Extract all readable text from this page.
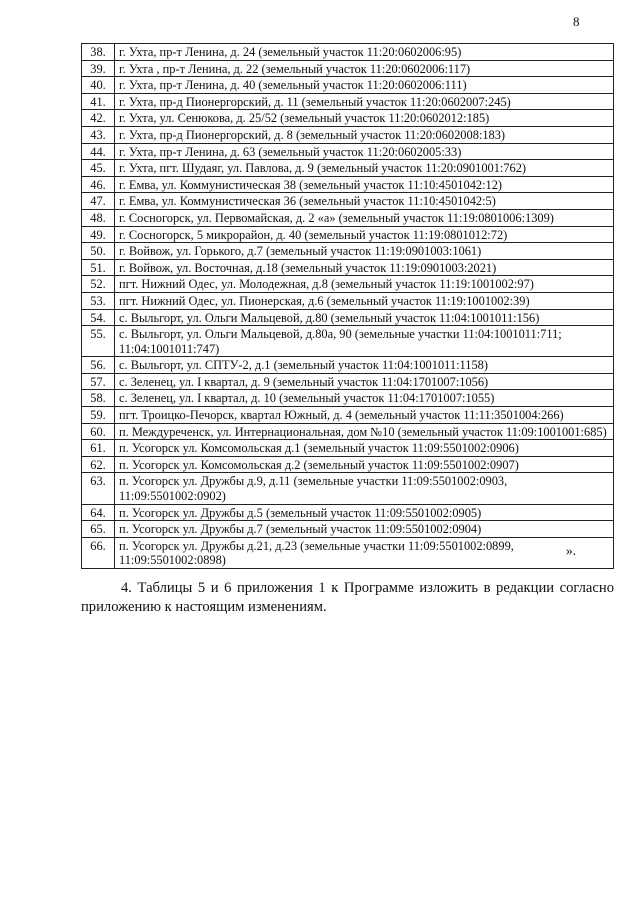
8
38.	г. Ухта, пр-т Ленина, д. 24 (земельный участок 11:20:0602006:95)
39.	г. Ухта , пр-т Ленина, д. 22 (земельный участок 11:20:0602006:117)
40.	г. Ухта, пр-т Ленина, д. 40 (земельный участок 11:20:0602006:111)
41.	г. Ухта, пр-д Пионергорский, д. 11 (земельный участок 11:20:0602007:245)
42.	г. Ухта, ул. Сенюкова, д. 25/52 (земельный участок 11:20:0602012:185)
43.	г. Ухта, пр-д Пионергорский, д. 8 (земельный участок 11:20:0602008:183)
44.	г. Ухта, пр-т Ленина, д. 63 (земельный участок 11:20:0602005:33)
45.	г. Ухта, пгт. Шудаяг, ул. Павлова, д. 9 (земельный участок 11:20:0901001:762)
46.	г. Емва, ул. Коммунистическая 38 (земельный участок 11:10:4501042:12)
47.	г. Емва, ул. Коммунистическая 36 (земельный участок 11:10:4501042:5)
48.	г. Сосногорск, ул. Первомайская, д. 2 «а» (земельный участок 11:19:0801006:1309)
49.	г. Сосногорск, 5 микрорайон, д. 40 (земельный участок 11:19:0801012:72)
50.	г. Войвож, ул. Горького, д.7 (земельный участок 11:19:0901003:1061)
51.	г. Войвож, ул. Восточная, д.18 (земельный участок 11:19:0901003:2021)
52.	пгт. Нижний Одес, ул. Молодежная, д.8 (земельный участок 11:19:1001002:97)
53.	пгт. Нижний Одес, ул. Пионерская, д.6 (земельный участок 11:19:1001002:39)
54.	с. Выльгорт, ул. Ольги Мальцевой, д.80 (земельный участок 11:04:1001011:156)
55.	с. Выльгорт, ул. Ольги Мальцевой, д.80а, 90 (земельные участки 11:04:1001011:711; 11:04:1001011:747)
56.	с. Выльгорт, ул. СПТУ-2, д.1 (земельный участок 11:04:1001011:1158)
57.	с. Зеленец, ул. I квартал, д. 9 (земельный участок 11:04:1701007:1056)
58.	с. Зеленец, ул. I квартал, д. 10 (земельный участок 11:04:1701007:1055)
59.	пгт. Троицко-Печорск, квартал Южный, д. 4 (земельный участок 11:11:3501004:266)
60.	п. Междуреченск, ул. Интернациональная, дом №10 (земельный участок 11:09:1001001:685)
61.	п. Усогорск ул. Комсомольская д.1 (земельный участок 11:09:5501002:0906)
62.	п. Усогорск ул. Комсомольская д.2 (земельный участок 11:09:5501002:0907)
63.	п. Усогорск ул. Дружбы д.9, д.11 (земельные участки 11:09:5501002:0903, 11:09:5501002:0902)
64.	п. Усогорск ул. Дружбы д.5 (земельный участок 11:09:5501002:0905)
65.	п. Усогорск ул. Дружбы д.7 (земельный участок 11:09:5501002:0904)
66.	п. Усогорск ул. Дружбы д.21, д.23 (земельные участки 11:09:5501002:0899, 11:09:5501002:0898)
».
4. Таблицы 5 и 6 приложения 1 к Программе изложить в редакции согласно приложению к настоящим изменениям.
